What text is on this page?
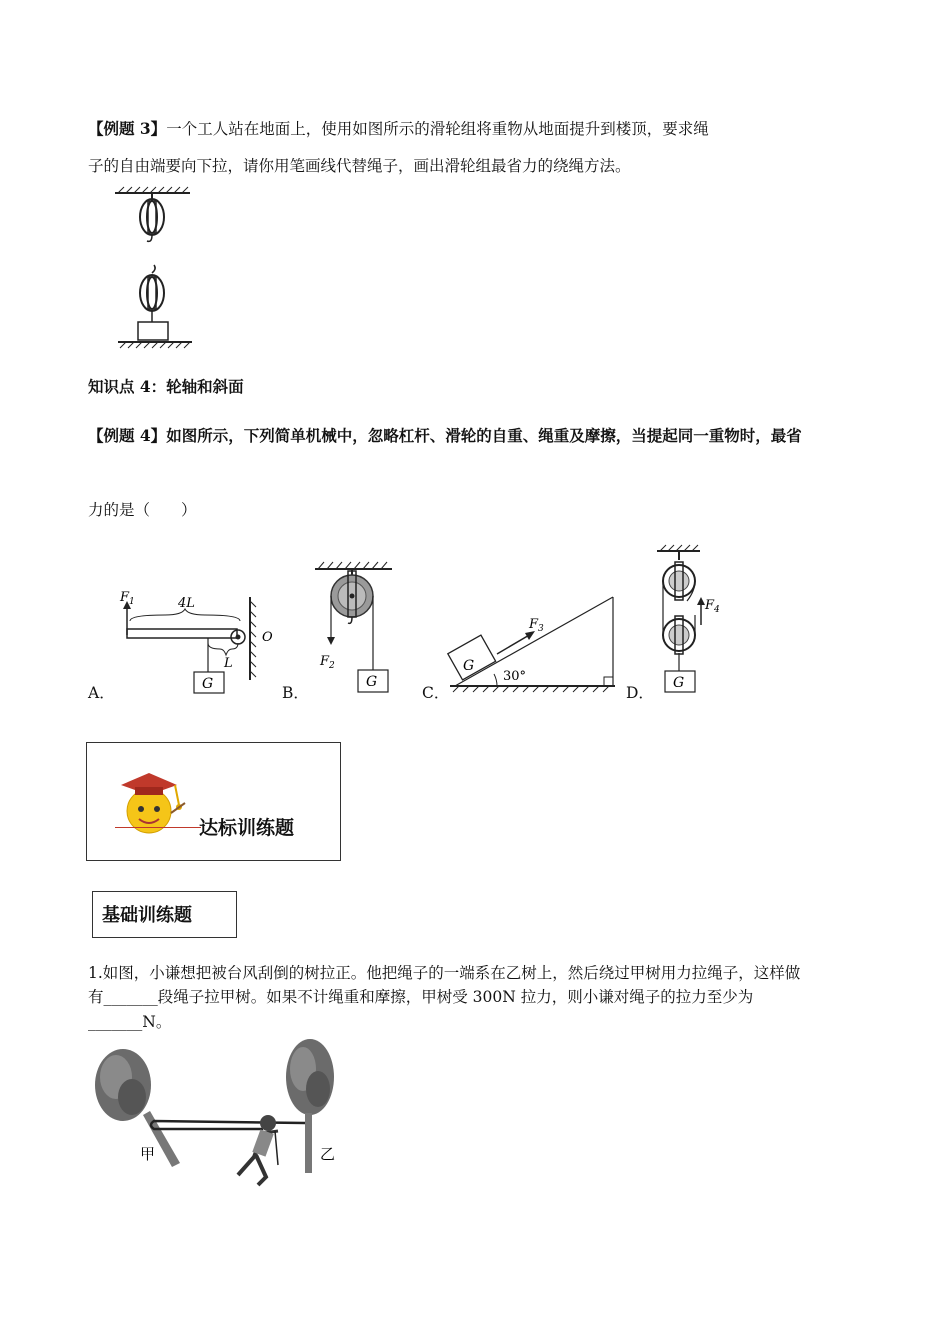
【例题 3】一个工人站在地面上，使用如图所示的滑轮组将重物从地面提升到楼顶，要求绳
子的自由端要向下拉，请你用笔画线代替绳子，画出滑轮组最省力的绕绳方法。
知识点 4：轮轴和斜面
【例题 4】如图所示，下列简单机械中，忽略杠杆、滑轮的自重、绳重及摩擦，当提起同一重物时，最省
力的是（　　）
A．	B．	C．	D．
$F_1$	4L
O
L
G
$F_2$
G
G
$F_3$
30°
$F_4$
G
达标训练题
基础训练题
1.如图，小谦想把被台风刮倒的树拉正。他把绳子的一端系在乙树上，然后绕过甲树用力拉绳子，这样做
有_______段绳子拉甲树。如果不计绳重和摩擦，甲树受 300N 拉力，则小谦对绳子的拉力至少为
_______N。
甲	乙
